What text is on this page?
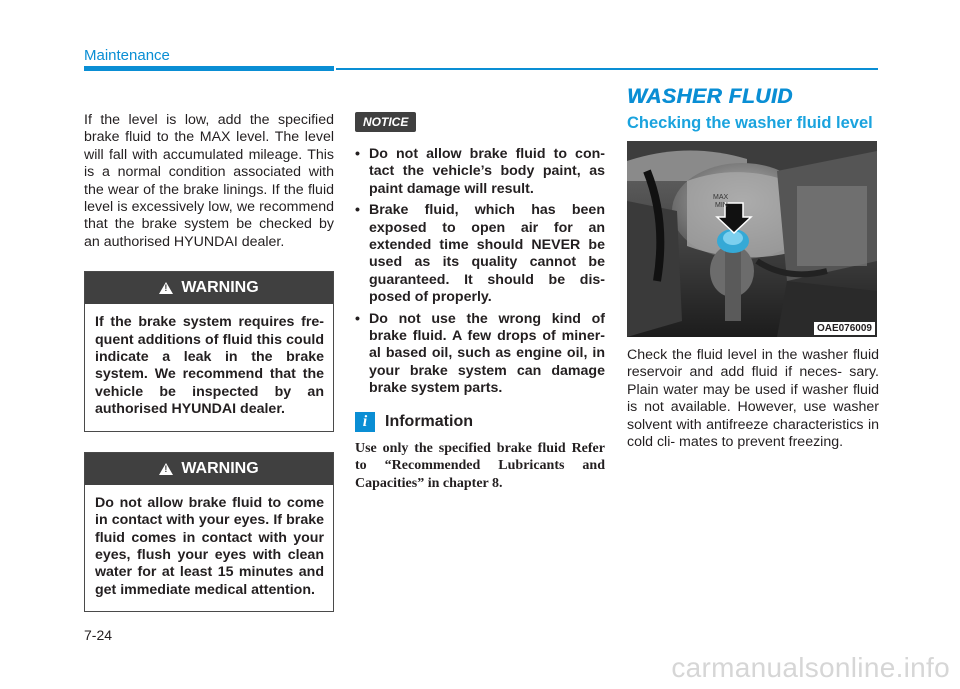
Maintenance

If the level is low, add the specified brake fluid to the MAX level. The level will fall with accumulated mileage. This is a normal condition associated with the wear of the brake linings. If the fluid level is excessively low, we recommend that the brake system be checked by an authorised HYUNDAI dealer.

!
WARNING
If the brake system requires fre- quent additions of fluid this could indicate a leak in the brake system. We recommend that the vehicle be inspected by an authorised HYUNDAI dealer.
!
WARNING
Do not allow brake fluid to come in contact with your eyes. If brake fluid comes in contact with your eyes, flush your eyes with clean water for at least 15 minutes and get immediate medical attention.
NOTICE
• Do not allow brake fluid to con- tact the vehicle’s body paint, as paint damage will result.
• Brake fluid, which has been exposed to open air for an extended time should NEVER be used as its quality cannot be guaranteed. It should be dis- posed of properly.
• Do not use the wrong kind of brake fluid. A few drops of miner- al based oil, such as engine oil, in your brake system can damage brake system parts.
i	Information

Use only the specified brake fluid Refer to “Recommended Lubricants and Capacities” in chapter 8.

WASHER FLUID
Checking the washer fluid level
MAX
MIN
OAE076009

Check the fluid level in the washer fluid reservoir and add fluid if neces- sary. Plain water may be used if washer fluid is not available. However, use washer solvent with antifreeze characteristics in cold cli- mates to prevent freezing.

7-24
carmanualsonline.info
